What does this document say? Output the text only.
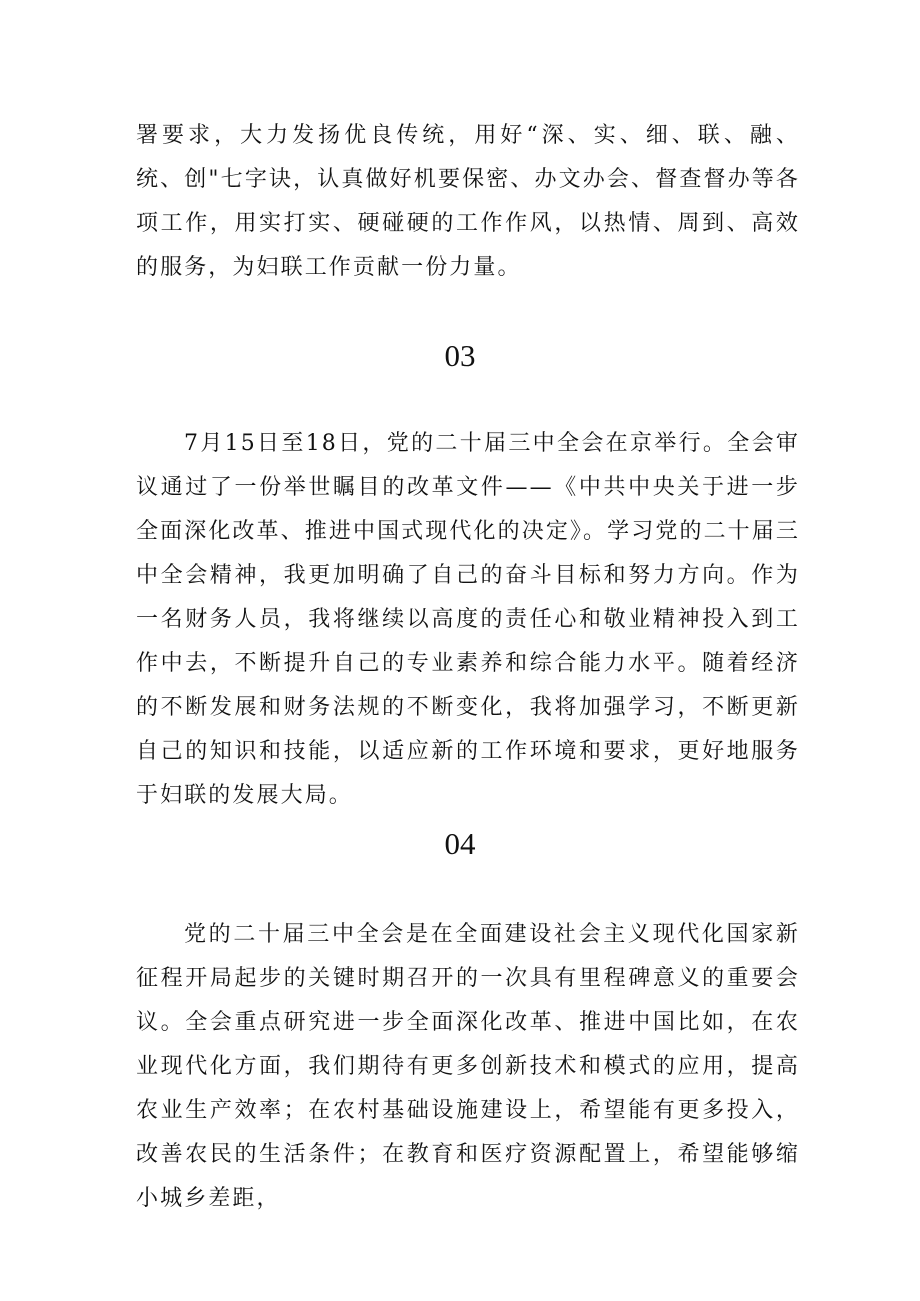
署要求，大力发扬优良传统，用好“深、实、细、联、融、统、创"七字诀，认真做好机要保密、办文办会、督查督办等各项工作，用实打实、硬碰硬的工作作风，以热情、周到、高效的服务，为妇联工作贡献一份力量。

03

7月15日至18日，党的二十届三中全会在京举行。全会审议通过了一份举世瞩目的改革文件——《中共中央关于进一步全面深化改革、推进中国式现代化的决定》。学习党的二十届三中全会精神，我更加明确了自己的奋斗目标和努力方向。作为一名财务人员，我将继续以高度的责任心和敬业精神投入到工作中去，不断提升自己的专业素养和综合能力水平。随着经济的不断发展和财务法规的不断变化，我将加强学习，不断更新自己的知识和技能，以适应新的工作环境和要求，更好地服务于妇联的发展大局。

04

党的二十届三中全会是在全面建设社会主义现代化国家新征程开局起步的关键时期召开的一次具有里程碑意义的重要会议。全会重点研究进一步全面深化改革、推进中国比如，在农业现代化方面，我们期待有更多创新技术和模式的应用，提高农业生产效率；在农村基础设施建设上，希望能有更多投入，改善农民的生活条件；在教育和医疗资源配置上，希望能够缩小城乡差距，
